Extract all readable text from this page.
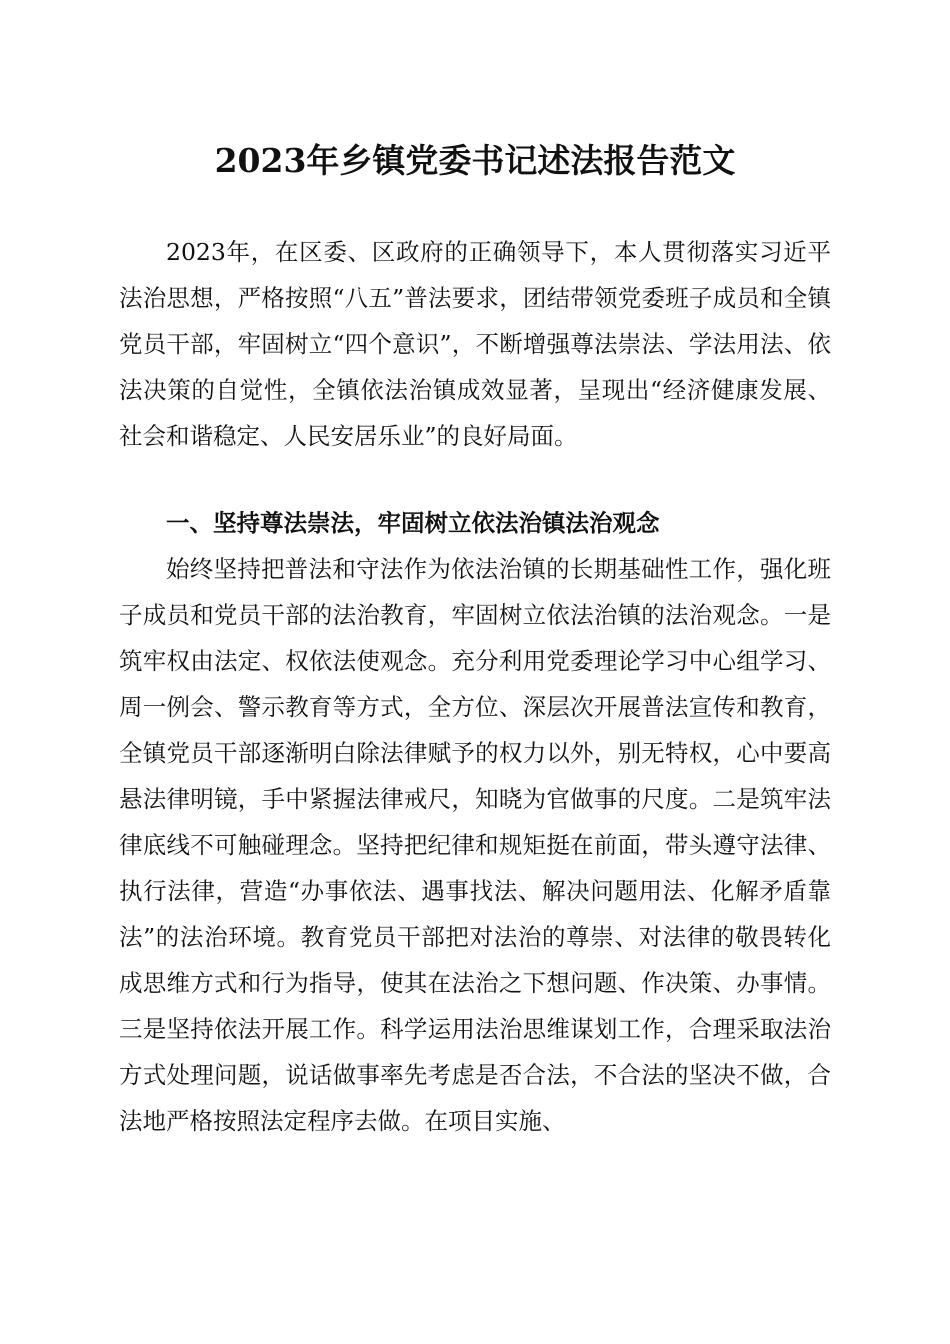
2023年乡镇党委书记述法报告范文

2023年，在区委、区政府的正确领导下，本人贯彻落实习近平法治思想，严格按照“八五”普法要求，团结带领党委班子成员和全镇党员干部，牢固树立“四个意识”，不断增强尊法崇法、学法用法、依法决策的自觉性，全镇依法治镇成效显著，呈现出“经济健康发展、社会和谐稳定、人民安居乐业”的良好局面。

一、坚持尊法崇法，牢固树立依法治镇法治观念

始终坚持把普法和守法作为依法治镇的长期基础性工作，强化班子成员和党员干部的法治教育，牢固树立依法治镇的法治观念。一是筑牢权由法定、权依法使观念。充分利用党委理论学习中心组学习、周一例会、警示教育等方式，全方位、深层次开展普法宣传和教育，全镇党员干部逐渐明白除法律赋予的权力以外，别无特权，心中要高悬法律明镜，手中紧握法律戒尺，知晓为官做事的尺度。二是筑牢法律底线不可触碰理念。坚持把纪律和规矩挺在前面，带头遵守法律、执行法律，营造“办事依法、遇事找法、解决问题用法、化解矛盾靠法”的法治环境。教育党员干部把对法治的尊崇、对法律的敬畏转化成思维方式和行为指导，使其在法治之下想问题、作决策、办事情。三是坚持依法开展工作。科学运用法治思维谋划工作，合理采取法治方式处理问题，说话做事率先考虑是否合法，不合法的坚决不做，合法地严格按照法定程序去做。在项目实施、
